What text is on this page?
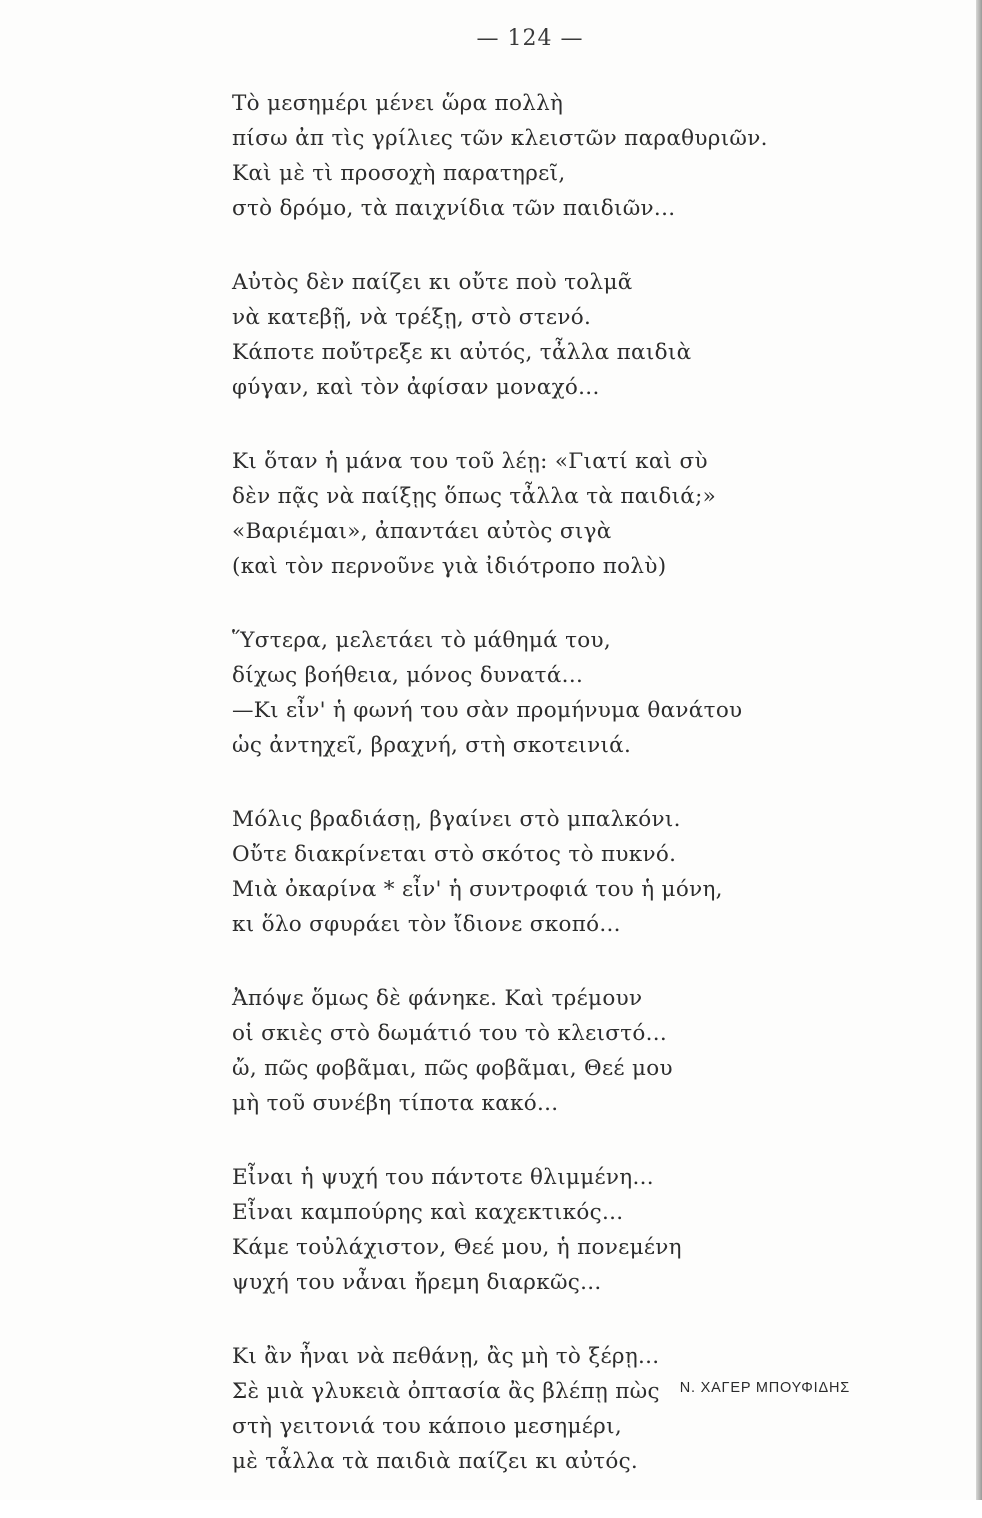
— 124 —
Τὸ μεσημέρι μένει ὥρα πολλὴ
πίσω ἀπ τὶς γρίλιες τῶν κλειστῶν παραθυριῶν.
Καὶ μὲ τὶ προσοχὴ παρατηρεῖ,
στὸ δρόμο, τὰ παιχνίδια τῶν παιδιῶν...
Αὐτὸς δὲν παίζει κι οὔτε ποὺ τολμᾶ
νὰ κατεβῇ, νὰ τρέξῃ, στὸ στενό.
Κάποτε ποὔτρεξε κι αὐτός, τἆλλα παιδιὰ
φύγαν, καὶ τὸν ἀφίσαν μοναχό...
Κι ὅταν ἡ μάνα του τοῦ λέῃ: «Γιατί καὶ σὺ
δὲν πᾷς νὰ παίξῃς ὅπως τἆλλα τὰ παιδιά;»
«Βαριέμαι», ἀπαντάει αὐτὸς σιγὰ
(καὶ τὸν περνοῦνε γιὰ ἰδιότροπο πολὺ)
Ὕστερα, μελετάει τὸ μάθημά του,
δίχως βοήθεια, μόνος δυνατά...
—Κι εἶν' ἡ φωνή του σὰν προμήνυμα θανάτου
ὡς ἀντηχεῖ, βραχνή, στὴ σκοτεινιά.
Μόλις βραδιάσῃ, βγαίνει στὸ μπαλκόνι.
Οὔτε διακρίνεται στὸ σκότος τὸ πυκνό.
Μιὰ ὀκαρίνα * εἶν' ἡ συντροφιά του ἡ μόνη,
κι ὅλο σφυράει τὸν ἴδιονε σκοπό...
Ἀπόψε ὅμως δὲ φάνηκε. Καὶ τρέμουν
οἱ σκιὲς στὸ δωμάτιό του τὸ κλειστό...
ὤ, πῶς φοβᾶμαι, πῶς φοβᾶμαι, Θεέ μου
μὴ τοῦ συνέβη τίποτα κακό...
Εἶναι ἡ ψυχή του πάντοτε θλιμμένη...
Εἶναι καμπούρης καὶ καχεκτικός...
Κάμε τοὐλάχιστον, Θεέ μου, ἡ πονεμένη
ψυχή του νἆναι ἤρεμη διαρκῶς...
Κι ἂν ἦναι νὰ πεθάνῃ, ἂς μὴ τὸ ξέρῃ...
Σὲ μιὰ γλυκειὰ ὀπτασία ἂς βλέπῃ πὼς
στὴ γειτονιά του κάποιο μεσημέρι,
μὲ τἆλλα τὰ παιδιὰ παίζει κι αὐτός.
Ν. ΧΑΓΕΡ ΜΠΟΥΦΙΔΗΣ
